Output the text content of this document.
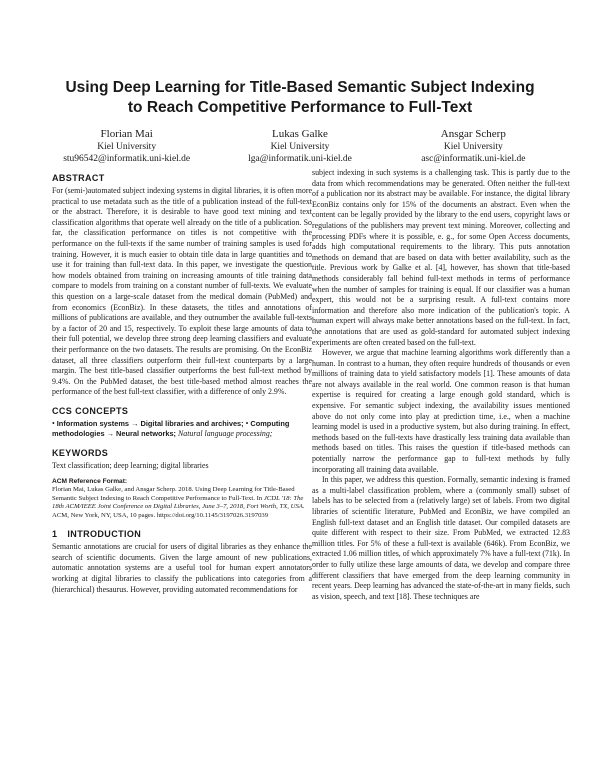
Using Deep Learning for Title-Based Semantic Subject Indexing
to Reach Competitive Performance to Full-Text
Florian Mai
Kiel University
stu96542@informatik.uni-kiel.de
Lukas Galke
Kiel University
lga@informatik.uni-kiel.de
Ansgar Scherp
Kiel University
asc@informatik.uni-kiel.de
ABSTRACT

For (semi-)automated subject indexing systems in digital libraries, it is often more practical to use metadata such as the title of a publication instead of the full-text or the abstract. Therefore, it is desirable to have good text mining and text classification algorithms that operate well already on the title of a publication. So far, the classification performance on titles is not competitive with the performance on the full-texts if the same number of training samples is used for training. However, it is much easier to obtain title data in large quantities and to use it for training than full-text data. In this paper, we investigate the question how models obtained from training on increasing amounts of title training data compare to models from training on a constant number of full-texts. We evaluate this question on a large-scale dataset from the medical domain (PubMed) and from economics (EconBiz). In these datasets, the titles and annotations of millions of publications are available, and they outnumber the available full-texts by a factor of 20 and 15, respectively. To exploit these large amounts of data to their full potential, we develop three strong deep learning classifiers and evaluate their performance on the two datasets. The results are promising. On the EconBiz dataset, all three classifiers outperform their full-text counterparts by a large margin. The best title-based classifier outperforms the best full-text method by 9.4%. On the PubMed dataset, the best title-based method almost reaches the performance of the best full-text classifier, with a difference of only 2.9%.

CCS CONCEPTS
• Information systems → Digital libraries and archives; • Computing methodologies → Neural networks; Natural language processing;
KEYWORDS

Text classification; deep learning; digital libraries

ACM Reference Format:
Florian Mai, Lukas Galke, and Ansgar Scherp. 2018. Using Deep Learning for Title-Based Semantic Subject Indexing to Reach Competitive Performance to Full-Text. In JCDL '18: The 18th ACM/IEEE Joint Conference on Digital Libraries, June 3–7, 2018, Fort Worth, TX, USA. ACM, New York, NY, USA, 10 pages. https://doi.org/10.1145/3197026.3197039
1 INTRODUCTION

Semantic annotations are crucial for users of digital libraries as they enhance the search of scientific documents. Given the large amount of new publications, automatic annotation systems are a useful tool for human expert annotators working at digital libraries to classify the publications into categories from a (hierarchical) thesaurus. However, providing automated recommendations for

subject indexing in such systems is a challenging task. This is partly due to the data from which recommendations may be generated. Often neither the full-text of a publication nor its abstract may be available. For instance, the digital library EconBiz contains only for 15% of the documents an abstract. Even when the content can be legally provided by the library to the end users, copyright laws or regulations of the publishers may prevent text mining. Moreover, collecting and processing PDFs where it is possible, e. g., for some Open Access documents, adds high computational requirements to the library. This puts annotation methods on demand that are based on data with better availability, such as the title. Previous work by Galke et al. [4], however, has shown that title-based methods considerably fall behind full-text methods in terms of performance when the number of samples for training is equal. If our classifier was a human expert, this would not be a surprising result. A full-text contains more information and therefore also more indication of the publication's topic. A human expert will always make better annotations based on the full-text. In fact, the annotations that are used as gold-standard for automated subject indexing experiments are often created based on the full-text.

However, we argue that machine learning algorithms work differently than a human. In contrast to a human, they often require hundreds of thousands or even millions of training data to yield satisfactory models [1]. These amounts of data are not always available in the real world. One common reason is that human expertise is required for creating a large enough gold standard, which is expensive. For semantic subject indexing, the availability issues mentioned above do not only come into play at prediction time, i.e., when a machine learning model is used in a productive system, but also during training. In effect, methods based on the full-texts have drastically less training data available than methods based on titles. This raises the question if title-based methods can potentially narrow the performance gap to full-text methods by fully incorporating all training data available.

In this paper, we address this question. Formally, semantic indexing is framed as a multi-label classification problem, where a (commonly small) subset of labels has to be selected from a (relatively large) set of labels. From two digital libraries of scientific literature, PubMed and EconBiz, we have compiled an English full-text dataset and an English title dataset. Our compiled datasets are quite different with respect to their size. From PubMed, we extracted 12.83 million titles. For 5% of these a full-text is available (646k). From EconBiz, we extracted 1.06 million titles, of which approximately 7% have a full-text (71k). In order to fully utilize these large amounts of data, we develop and compare three different classifiers that have emerged from the deep learning community in recent years. Deep learning has advanced the state-of-the-art in many fields, such as vision, speech, and text [18]. These techniques are
